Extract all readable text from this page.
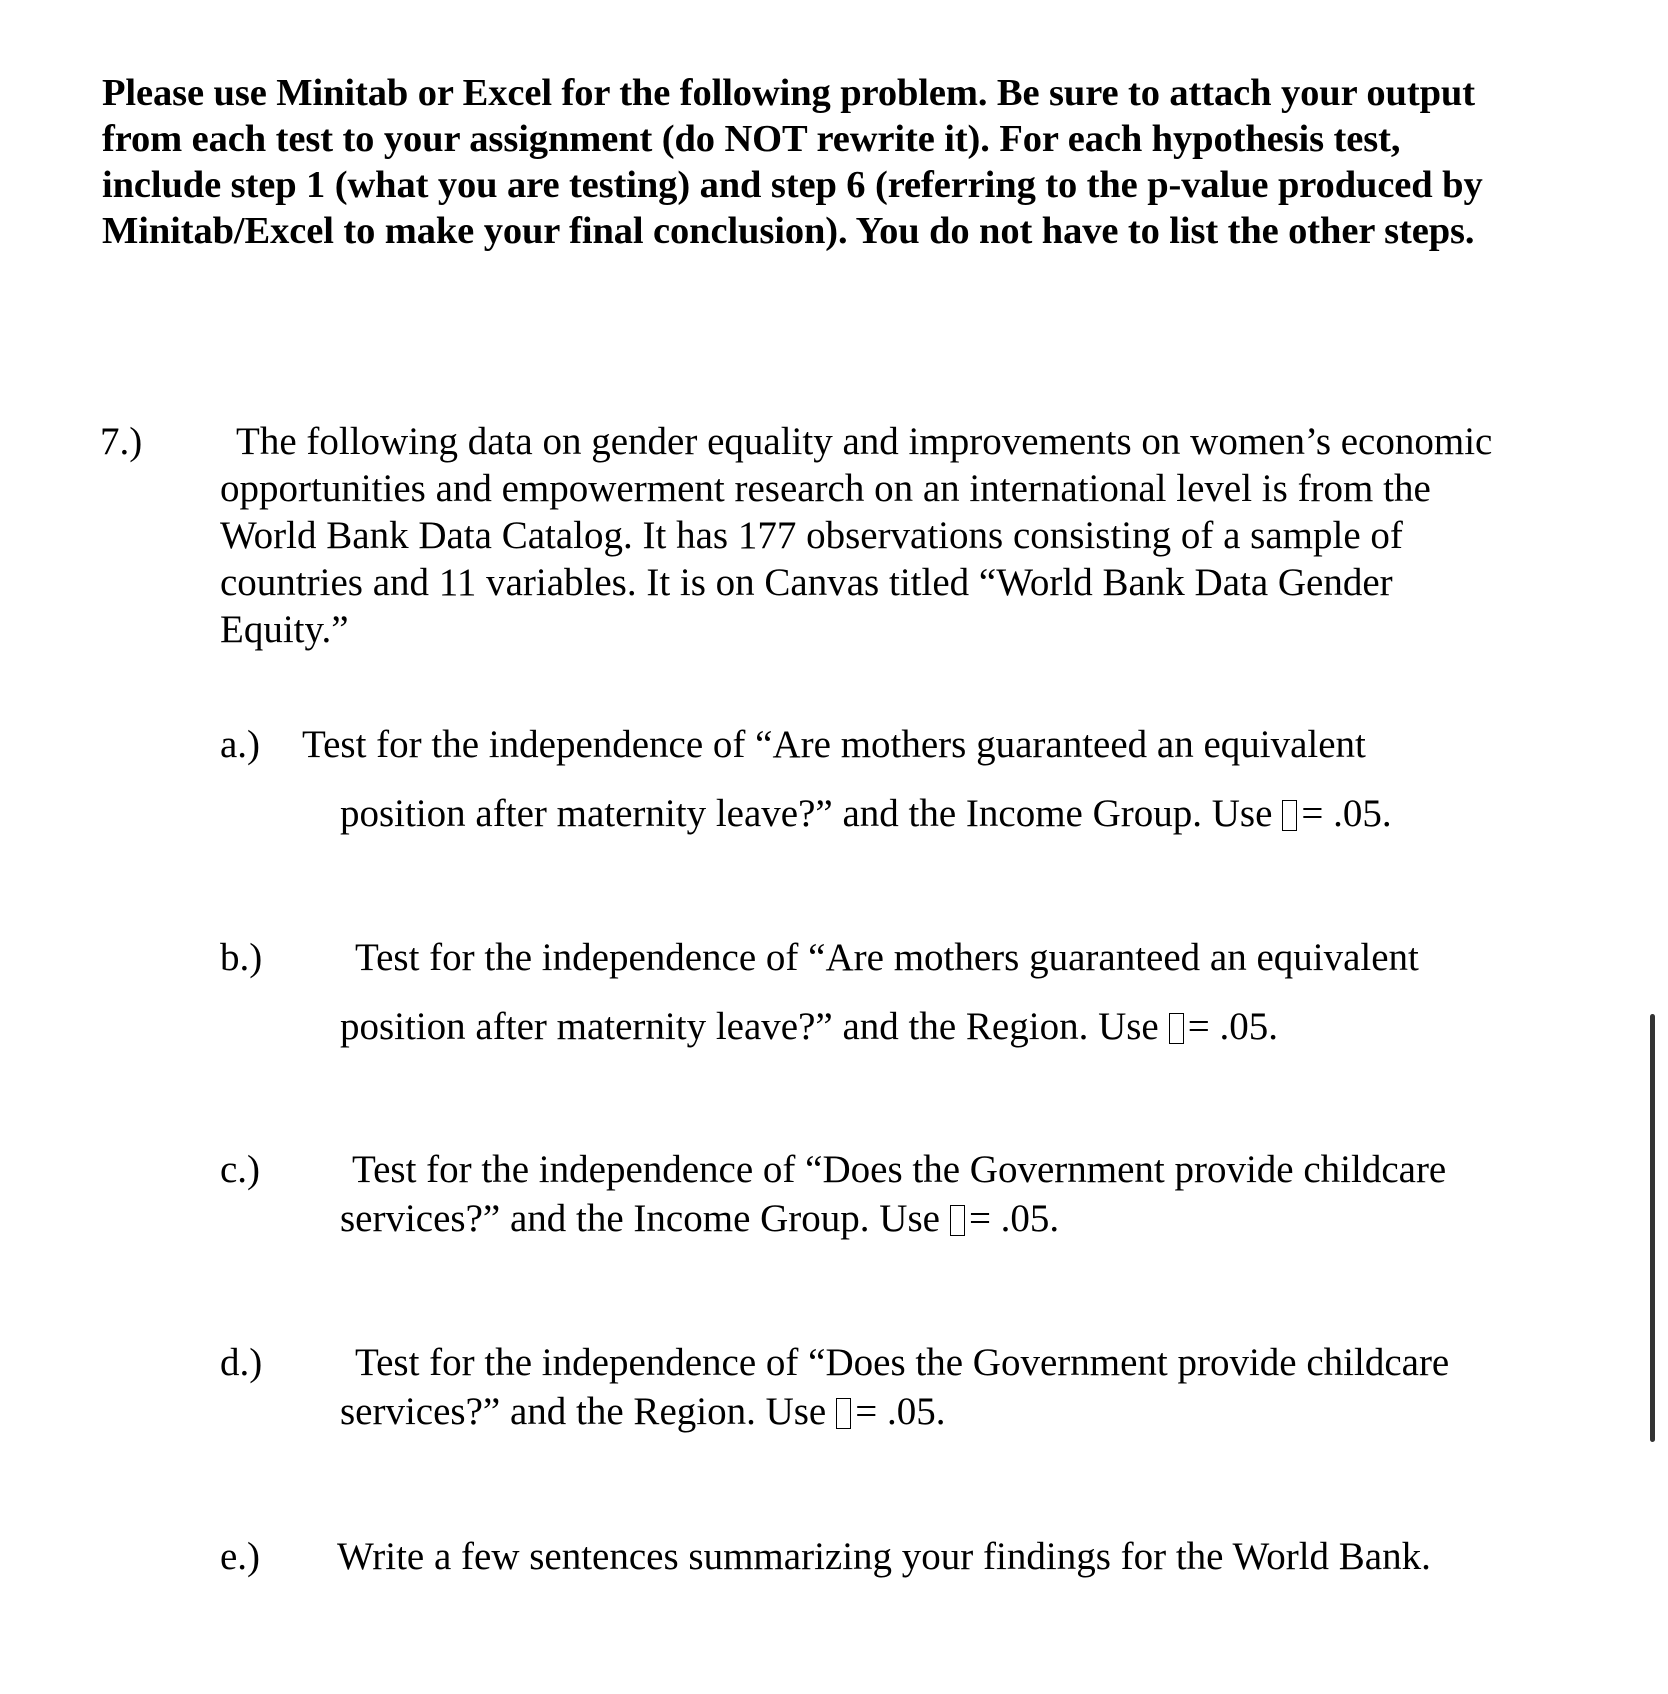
Please use Minitab or Excel for the following problem. Be sure to attach your output
from each test to your assignment (do NOT rewrite it). For each hypothesis test,
include step 1 (what you are testing) and step 6 (referring to the p-value produced by
Minitab/Excel to make your final conclusion). You do not have to list the other steps.
7.)	The following data on gender equality and improvements on women’s economic
opportunities and empowerment research on an international level is from the
World Bank Data Catalog. It has 177 observations consisting of a sample of
countries and 11 variables. It is on Canvas titled “World Bank Data Gender
Equity.”
a.) Test for the independence of “Are mothers guaranteed an equivalent
position after maternity leave?” and the Income Group. Use = .05.
b.) Test for the independence of “Are mothers guaranteed an equivalent
position after maternity leave?” and the Region. Use = .05.
c.) Test for the independence of “Does the Government provide childcare
services?” and the Income Group. Use = .05.
d.) Test for the independence of “Does the Government provide childcare
services?” and the Region. Use = .05.
e.) Write a few sentences summarizing your findings for the World Bank.
